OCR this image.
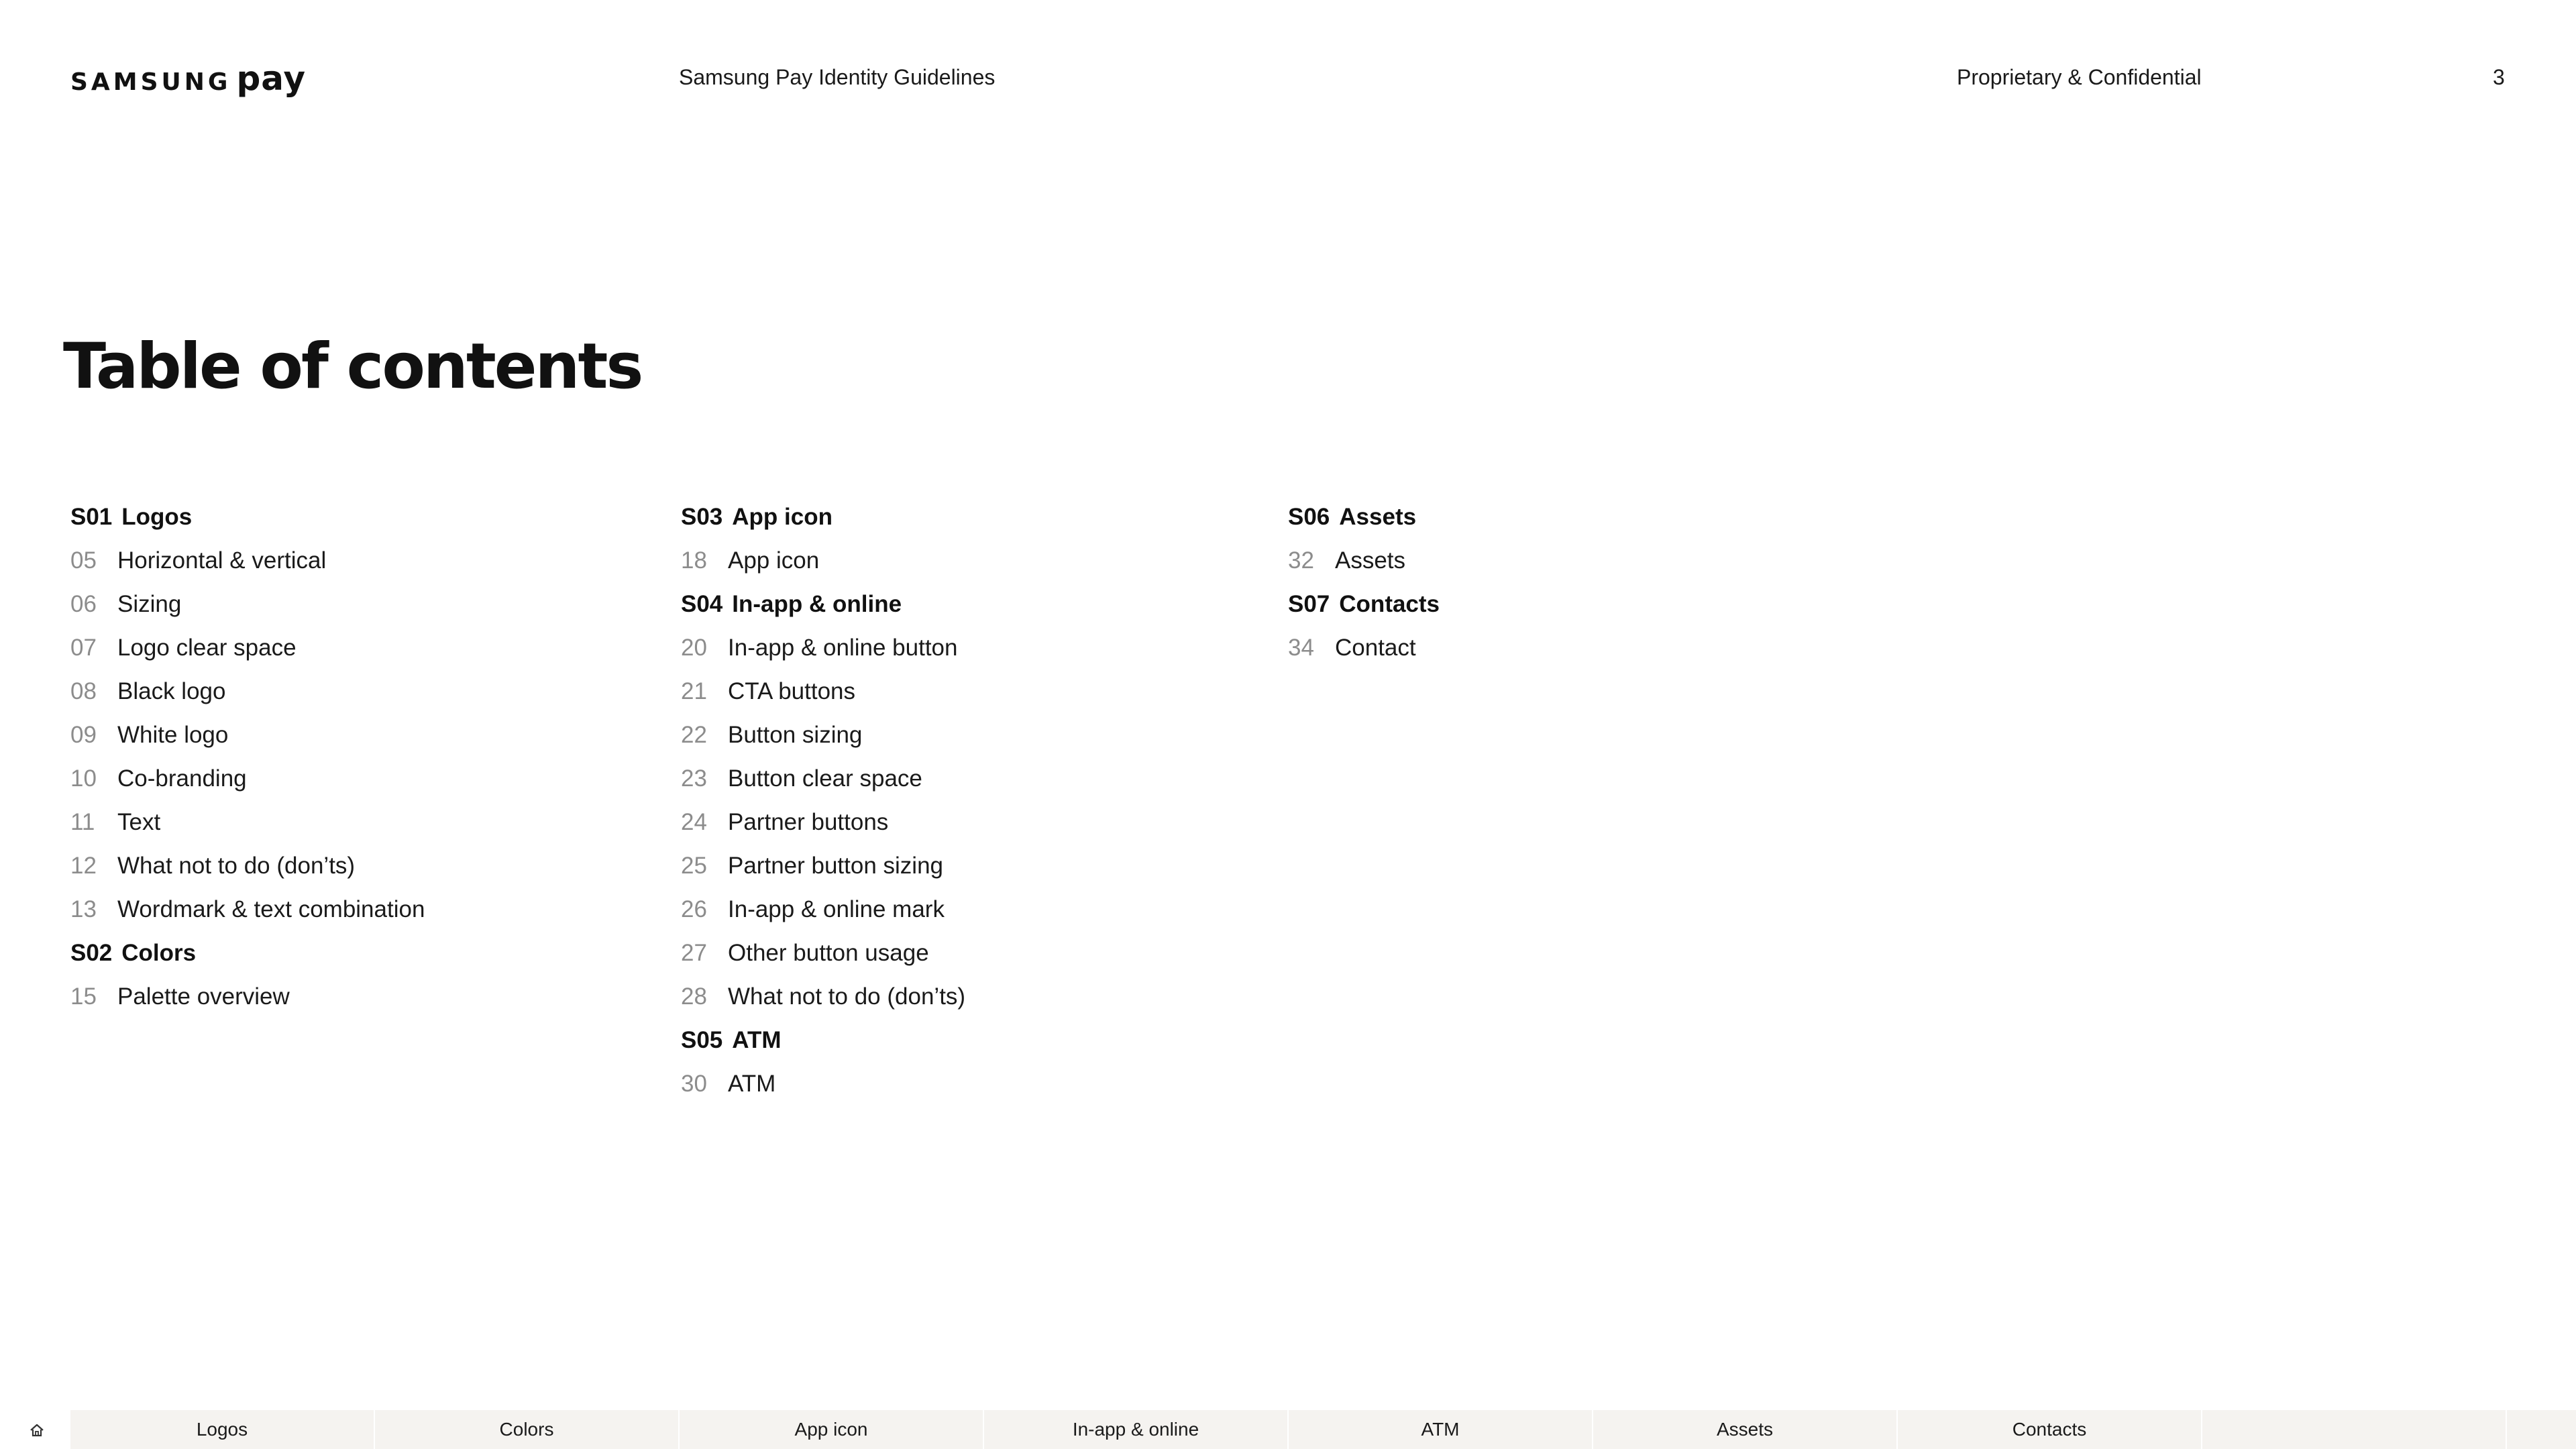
SAMSUNG pay	Samsung Pay Identity Guidelines	Proprietary & Confidential	3
Table of contents
S01 Logos
05 Horizontal & vertical
06 Sizing
07 Logo clear space
08 Black logo
09 White logo
10 Co-branding
11 Text
12 What not to do (don’ts)
13 Wordmark & text combination
S02 Colors
15 Palette overview
S03 App icon
18 App icon
S04 In-app & online
20 In-app & online button
21 CTA buttons
22 Button sizing
23 Button clear space
24 Partner buttons
25 Partner button sizing
26 In-app & online mark
27 Other button usage
28 What not to do (don’ts)
S05 ATM
30 ATM
S06 Assets
32 Assets
S07 Contacts
34 Contact
Logos	Colors	App icon	In-app & online	ATM	Assets	Contacts
